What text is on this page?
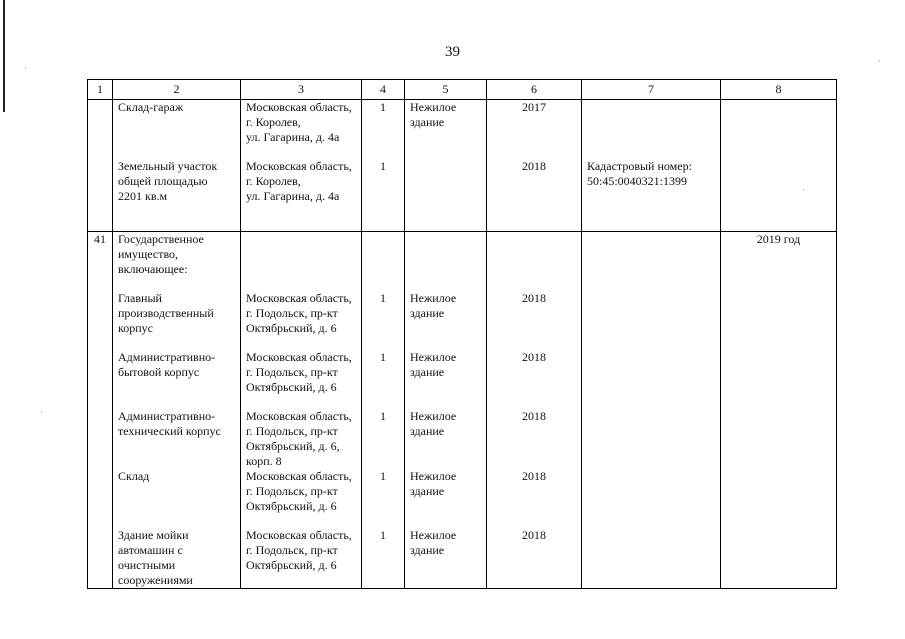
39
1	2	3	4	5	6	7	8
	Склад-гараж	Московская область,
г. Королев,
ул. Гагарина, д. 4а	1	Нежилое
здание	2017		
	Земельный участок
общей площадью
2201 кв.м	Московская область,
г. Королев,
ул. Гагарина, д. 4а	1		2018	Кадастровый номер:
50:45:0040321:1399	
41	Государственное
имущество,
включающее:						2019 год
	Главный
производственный
корпус	Московская область,
г. Подольск, пр-кт
Октябрьский, д. 6	1	Нежилое
здание	2018		
	Административно-
бытовой корпус	Московская область,
г. Подольск, пр-кт
Октябрьский, д. 6	1	Нежилое
здание	2018		
	Административно-
технический корпус	Московская область,
г. Подольск, пр-кт
Октябрьский, д. 6,
корп. 8	1	Нежилое
здание	2018		
	Склад	Московская область,
г. Подольск, пр-кт
Октябрьский, д. 6	1	Нежилое
здание	2018		
	Здание мойки
автомашин с
очистными
сооружениями	Московская область,
г. Подольск, пр-кт
Октябрьский, д. 6	1	Нежилое
здание	2018		
